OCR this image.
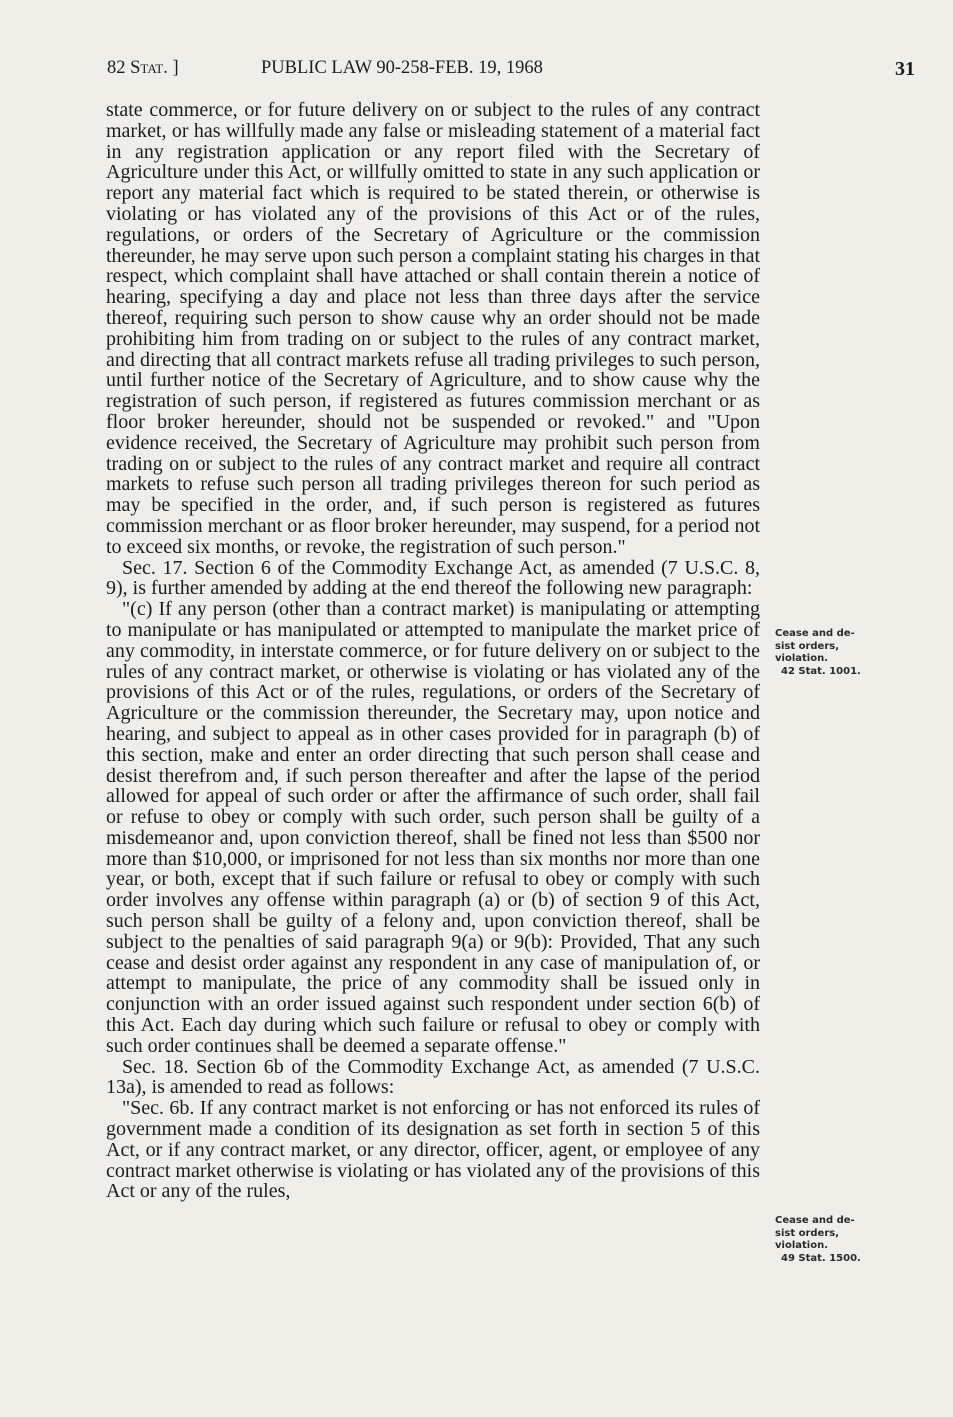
82 Stat. ]	PUBLIC LAW 90-258-FEB. 19, 1968	31

state commerce, or for future delivery on or subject to the rules of any contract market, or has willfully made any false or misleading statement of a material fact in any registration application or any report filed with the Secretary of Agriculture under this Act, or willfully omitted to state in any such application or report any material fact which is required to be stated therein, or otherwise is violating or has violated any of the provisions of this Act or of the rules, regulations, or orders of the Secretary of Agriculture or the commission thereunder, he may serve upon such person a complaint stating his charges in that respect, which complaint shall have attached or shall contain therein a notice of hearing, specifying a day and place not less than three days after the service thereof, requiring such person to show cause why an order should not be made prohibiting him from trading on or subject to the rules of any contract market, and directing that all contract markets refuse all trading privileges to such person, until further notice of the Secretary of Agriculture, and to show cause why the registration of such person, if registered as futures commission merchant or as floor broker hereunder, should not be suspended or revoked." and "Upon evidence received, the Secretary of Agriculture may prohibit such person from trading on or subject to the rules of any contract market and require all contract markets to refuse such person all trading privileges thereon for such period as may be specified in the order, and, if such person is registered as futures commission merchant or as floor broker hereunder, may suspend, for a period not to exceed six months, or revoke, the registration of such person."

Sec. 17. Section 6 of the Commodity Exchange Act, as amended (7 U.S.C. 8, 9), is further amended by adding at the end thereof the following new paragraph:

"(c) If any person (other than a contract market) is manipulating or attempting to manipulate or has manipulated or attempted to manipulate the market price of any commodity, in interstate commerce, or for future delivery on or subject to the rules of any contract market, or otherwise is violating or has violated any of the provisions of this Act or of the rules, regulations, or orders of the Secretary of Agriculture or the commission thereunder, the Secretary may, upon notice and hearing, and subject to appeal as in other cases provided for in paragraph (b) of this section, make and enter an order directing that such person shall cease and desist therefrom and, if such person thereafter and after the lapse of the period allowed for appeal of such order or after the affirmance of such order, shall fail or refuse to obey or comply with such order, such person shall be guilty of a misdemeanor and, upon conviction thereof, shall be fined not less than $500 nor more than $10,000, or imprisoned for not less than six months nor more than one year, or both, except that if such failure or refusal to obey or comply with such order involves any offense within paragraph (a) or (b) of section 9 of this Act, such person shall be guilty of a felony and, upon conviction thereof, shall be subject to the penalties of said paragraph 9(a) or 9(b): Provided, That any such cease and desist order against any respondent in any case of manipulation of, or attempt to manipulate, the price of any commodity shall be issued only in conjunction with an order issued against such respondent under section 6(b) of this Act. Each day during which such failure or refusal to obey or comply with such order continues shall be deemed a separate offense."

Sec. 18. Section 6b of the Commodity Exchange Act, as amended (7 U.S.C. 13a), is amended to read as follows:

"Sec. 6b. If any contract market is not enforcing or has not enforced its rules of government made a condition of its designation as set forth in section 5 of this Act, or if any contract market, or any director, officer, agent, or employee of any contract market otherwise is violating or has violated any of the provisions of this Act or any of the rules,

Cease and de-
sist orders,
violation.
42 Stat. 1001.
Cease and de-
sist orders,
violation.
49 Stat. 1500.
